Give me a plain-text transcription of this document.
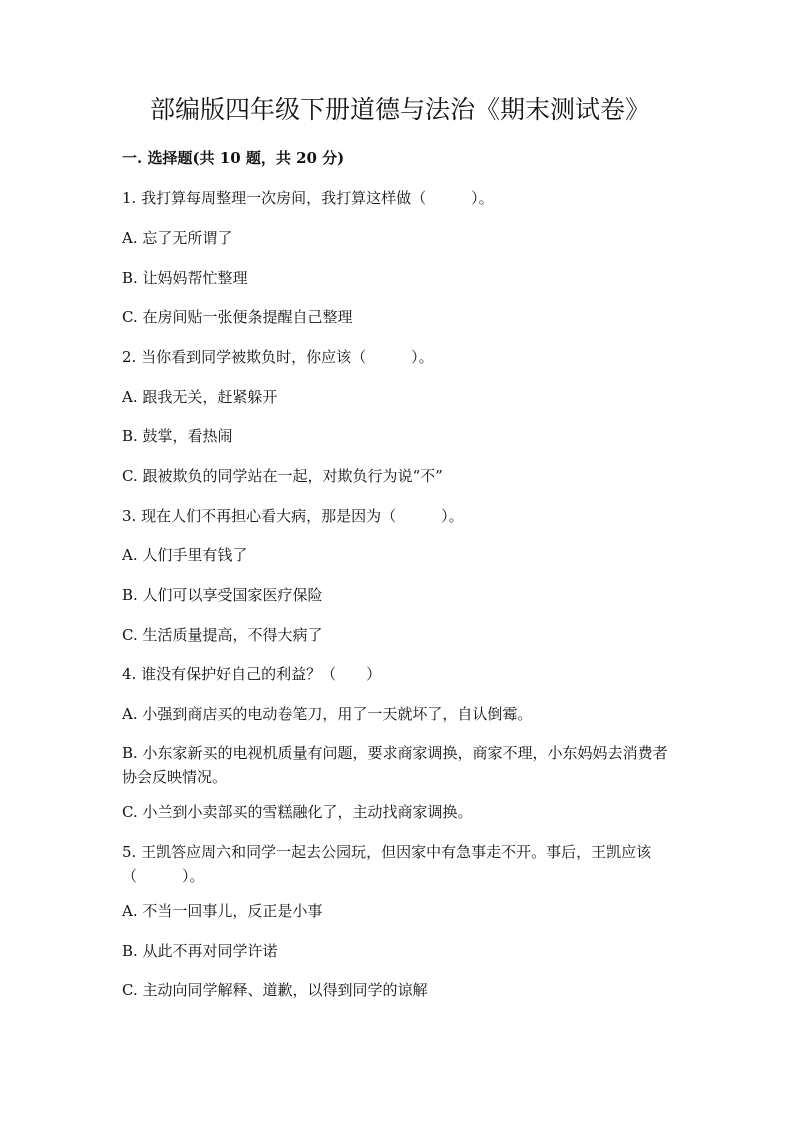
部编版四年级下册道德与法治《期末测试卷》
一. 选择题(共 10 题，共 20 分)
1. 我打算每周整理一次房间，我打算这样做（　　　）。
A. 忘了无所谓了
B. 让妈妈帮忙整理
C. 在房间贴一张便条提醒自己整理
2. 当你看到同学被欺负时，你应该（　　　）。
A. 跟我无关，赶紧躲开
B. 鼓掌，看热闹
C. 跟被欺负的同学站在一起，对欺负行为说“不”
3. 现在人们不再担心看大病，那是因为（　　　）。
A. 人们手里有钱了
B. 人们可以享受国家医疗保险
C. 生活质量提高，不得大病了
4. 谁没有保护好自己的利益？（　　）
A. 小强到商店买的电动卷笔刀，用了一天就坏了，自认倒霉。
B. 小东家新买的电视机质量有问题，要求商家调换，商家不理，小东妈妈去消费者协会反映情况。
C. 小兰到小卖部买的雪糕融化了，主动找商家调换。
5. 王凯答应周六和同学一起去公园玩，但因家中有急事走不开。事后，王凯应该（　　　）。
A. 不当一回事儿，反正是小事
B. 从此不再对同学许诺
C. 主动向同学解释、道歉，以得到同学的谅解
